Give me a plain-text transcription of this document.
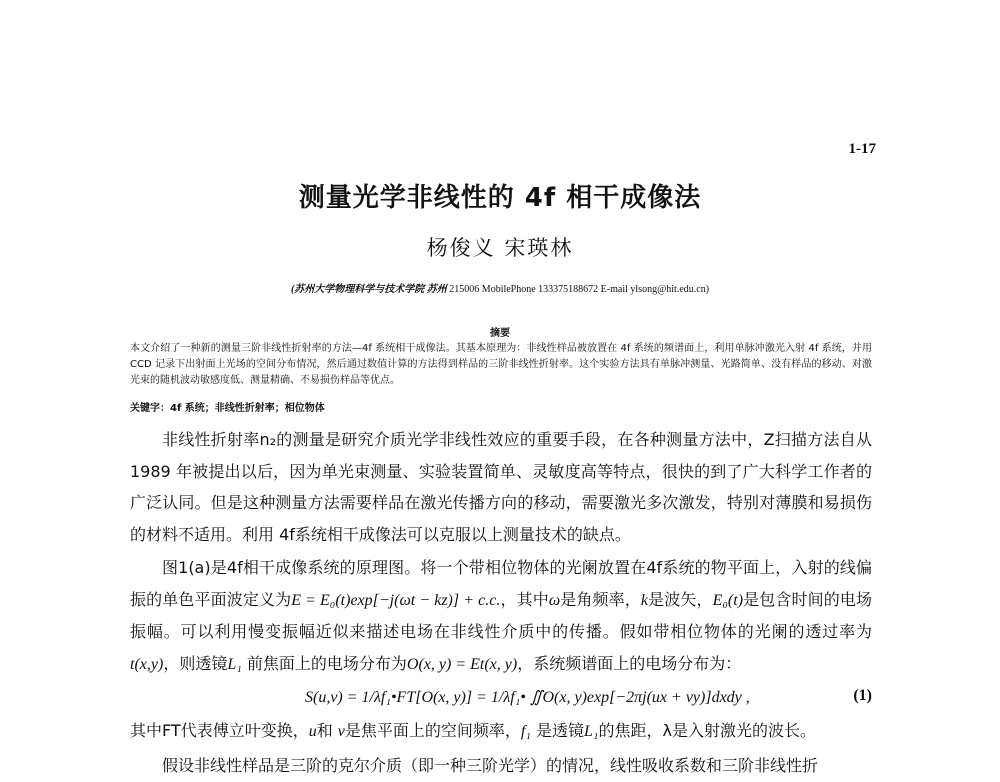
1-17
测量光学非线性的 4f 相干成像法
杨俊义 宋瑛林
(苏州大学物理科学与技术学院 苏州 215006 MobilePhone 133375188672 E-mail ylsong@hit.edu.cn)
摘要
本文介绍了一种新的测量三阶非线性折射率的方法—4f 系统相干成像法。其基本原理为：非线性样品被放置在 4f 系统的频谱面上，利用单脉冲激光入射 4f 系统，并用 CCD 记录下出射面上光场的空间分布情况，然后通过数值计算的方法得到样品的三阶非线性折射率。这个实验方法具有单脉冲测量、光路简单、没有样品的移动、对激光束的随机波动敏感度低、测量精确、不易损伤样品等优点。
关键字：4f 系统；非线性折射率；相位物体
非线性折射率n₂的测量是研究介质光学非线性效应的重要手段，在各种测量方法中，Z扫描方法自从 1989 年被提出以后，因为单光束测量、实验装置简单、灵敏度高等特点，很快的到了广大科学工作者的广泛认同。但是这种测量方法需要样品在激光传播方向的移动，需要激光多次激发，特别对薄膜和易损伤的材料不适用。利用 4f系统相干成像法可以克服以上测量技术的缺点。
图1(a)是4f相干成像系统的原理图。将一个带相位物体的光阑放置在4f系统的物平面上，入射的线偏振的单色平面波定义为E = E₀(t)exp[−j(ωt − kz)] + c.c.，其中ω是角频率，k是波矢，E₀(t)是包含时间的电场振幅。可以利用慢变振幅近似来描述电场在非线性介质中的传播。假如带相位物体的光阑的透过率为t(x,y)，则透镜L₁ 前焦面上的电场分布为O(x, y) = Et(x, y)，系统频谱面上的电场分布为：
S(u,v) = 1/λf₁•FT[O(x, y)] = 1/λf₁• ∬O(x, y)exp[−2πj(ux + vy)]dxdy ,	(1)
其中FT代表傅立叶变换，u和 v是焦平面上的空间频率，f₁ 是透镜L₁的焦距，λ是入射激光的波长。
假设非线性样品是三阶的克尔介质（即一种三阶光学）的情况，线性吸收系数和三阶非线性折
